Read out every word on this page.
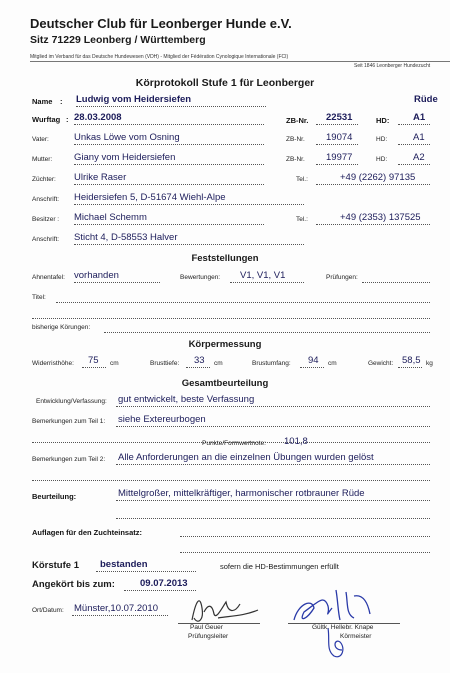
Deutscher Club für Leonberger Hunde e.V.
Sitz 71229 Leonberg / Württemberg
Mitglied im Verband für das Deutsche Hundewesen (VDH) - Mitglied der Fédération Cynologique Internationale (FCI)
Seit 1846 Leonberger Hundezucht
Körprotokoll Stufe 1 für Leonberger
Name : Ludwig vom Heidersiefen	Rüde
Wurftag : 28.03.2008	ZB-Nr. 22531	HD: A1
Vater:	Unkas Löwe vom Osning	ZB-Nr. 19074	HD:	A1
Mutter: Giany vom Heidersiefen	ZB-Nr. 19977	HD:	A2
Züchter: Ulrike Raser	Tel.:	+49 (2262) 97135
Anschrift: Heidersiefen 5, D-51674 Wiehl-Alpe
Besitzer : Michael Schemm	Tel.:	+49 (2353) 137525
Anschrift: Sticht 4, D-58553 Halver
Feststellungen
Ahnentafel: vorhanden	Bewertungen: V1, V1, V1	Prüfungen:
Titel:
bisherige Körungen:
Körpermessung
Widerristhöhe: 75 cm	Brusttiefe: 33 cm	Brustumfang: 94 cm	Gewicht: 58,5 kg
Gesamtbeurteilung
Entwicklung/Verfassung: gut entwickelt, beste Verfassung
Bemerkungen zum Teil 1: siehe Extereurbogen
Punkte/Formwertnote: 101,8
Bemerkungen zum Teil 2: Alle Anforderungen an die einzelnen Übungen wurden gelöst
Beurteilung:	Mittelgroßer, mittelkräftiger, harmonischer rotbrauner Rüde
Auflagen für den Zuchteinsatz:
Körstufe 1 bestanden	sofern die HD-Bestimmungen erfüllt
Angekört bis zum:	09.07.2013
Ort/Datum: Münster,10.07.2010
Paul Geuer
Prüfungsleiter
Gültk. Hellebr. Knape
Körmeister
